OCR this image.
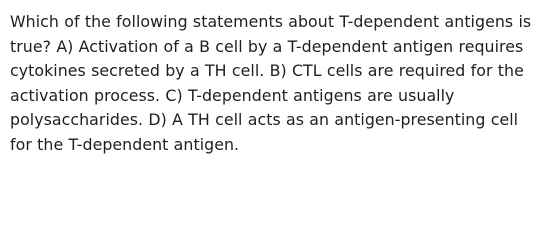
Which of the following statements about T-dependent antigens is
true? A) Activation of a B cell by a T-dependent antigen requires
cytokines secreted by a TH cell. B) CTL cells are required for the
activation process. C) T-dependent antigens are usually
polysaccharides. D) A TH cell acts as an antigen-presenting cell
for the T-dependent antigen.
